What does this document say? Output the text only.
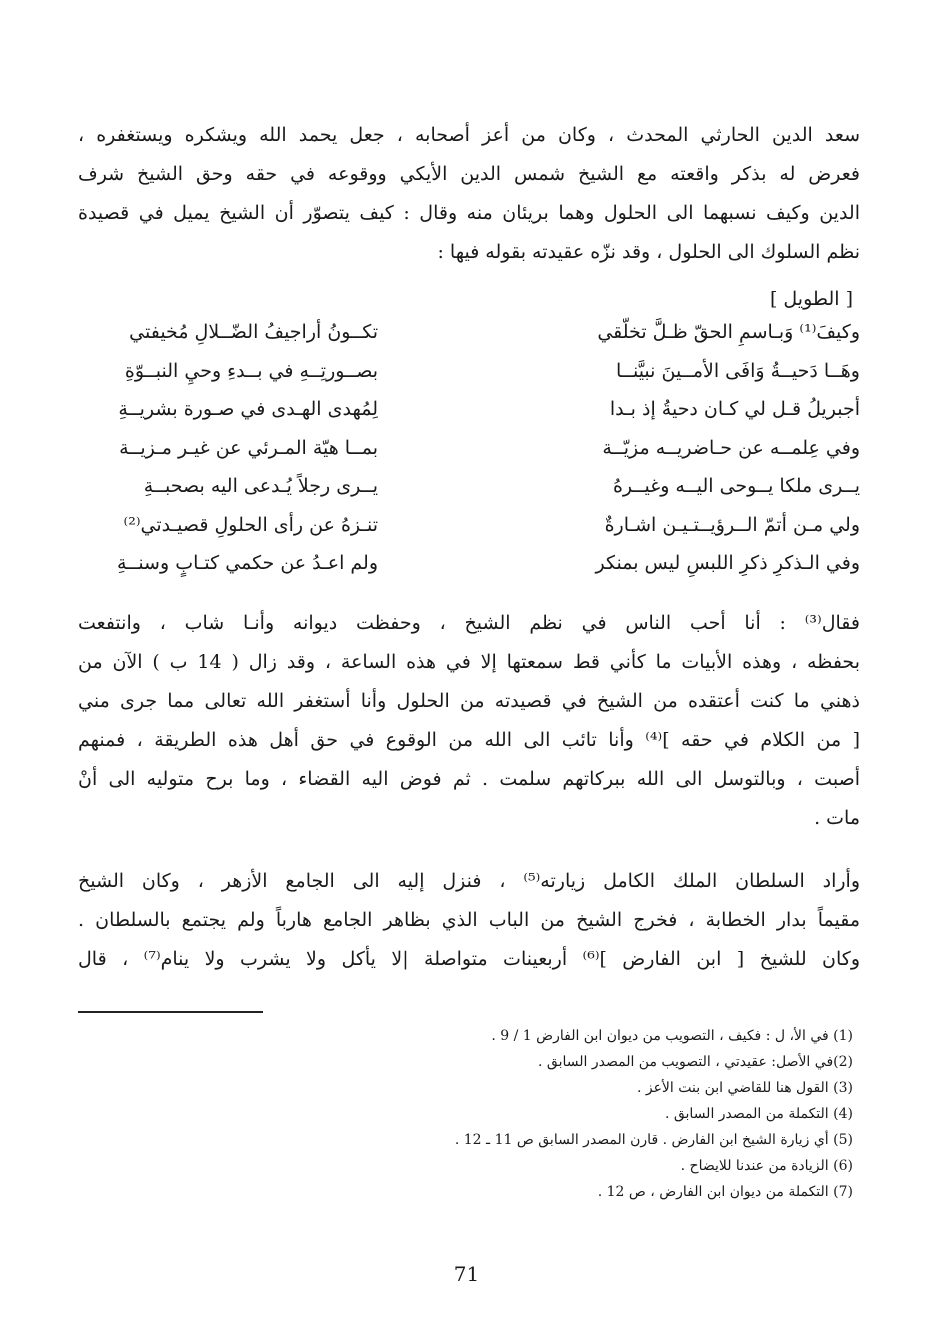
سعد الدين الحارثي المحدث ، وكان من أعز أصحابه ، جعل يحمد الله ويشكره ويستغفره ،
فعرض له بذكر واقعته مع الشيخ شمس الدين الأيكي ووقوعه في حقه وحق الشيخ شرف
الدين وكيف نسبهما الى الحلول وهما بريئان منه وقال : كيف يتصوّر أن الشيخ يميل في قصيدة
نظم السلوك الى الحلول ، وقد نزّه عقيدته بقوله فيها :
[ الطويل ]
وكيفَ⁽¹⁾ وَبـاسمِ الحقّ ظـلَّ تخلّقي
تكــونُ أراجيفُ الضّــلالِ مُخيفتي
وهَــا دَحيــةُ وَافَى الأمــينَ نبيَّنــا
بصــورتِــهِ في بــدءِ وحيِ النبــوّةِ
أجبريلُ قـل لي كـان دحيةُ إذ بـدا
لِمُهدى الهـدى في صـورة بشريــةِ
وفي عِلمــه عن حـاضريــه مزيّــة
بمــا هيّة المـرئي عن غيـر مـزيــة
يــرى ملكا يــوحى اليــه وغيــرهُ
يــرى رجلاً يُـدعى اليه بصحبــةِ
ولي مـن أتمّ الــرؤيــتـيـن اشـارةٌ
تنـزهُ عن رأى الحلولِ قصيـدتي⁽²⁾
وفي الـذكرِ ذكرِ اللبسِ ليس بمنكر
ولم اعـدُ عن حكمي كتـابٍ وسنــةِ
فقال⁽³⁾ : أنا أحب الناس في نظم الشيخ ، وحفظت ديوانه وأنـا شاب ، وانتفعت
بحفظه ، وهذه الأبيات ما كأني قط سمعتها إلا في هذه الساعة ، وقد زال ( 14 ب ) الآن من
ذهني ما كنت أعتقده من الشيخ في قصيدته من الحلول وأنا أستغفر الله تعالى مما جرى مني
[ من الكلام في حقه ]⁽⁴⁾ وأنا تائب الى الله من الوقوع في حق أهل هذه الطريقة ، فمنهم
أصبت ، وبالتوسل الى الله ببركاتهم سلمت . ثم فوض اليه القضاء ، وما برح متوليه الى أنْ
مات .
وأراد السلطان الملك الكامل زيارته⁽⁵⁾ ، فنزل إليه الى الجامع الأزهر ، وكان الشيخ
مقيماً بدار الخطابة ، فخرج الشيخ من الباب الذي بظاهر الجامع هارباً ولم يجتمع بالسلطان .
وكان للشيخ [ ابن الفارض ]⁽⁶⁾ أربعينات متواصلة |لا يأكل ولا يشرب ولا ينام⁽⁷⁾ ، قال
(1) في الأ، ل : فكيف ، التصويب من ديوان ابن الفارض 1 / 9 .
(2)في الأصل: عقيدتي ، التصويب من المصدر السابق .
(3) القول هنا للقاضي ابن بنت الأعز .
(4) التكملة من المصدر السابق .
(5) أي زيارة الشيخ ابن الفارض . قارن المصدر السابق ص 11 ـ 12 .
(6) الزيادة من عندنا للايضاح .
(7) التكملة من ديوان ابن الفارض ، ص 12 .
71
